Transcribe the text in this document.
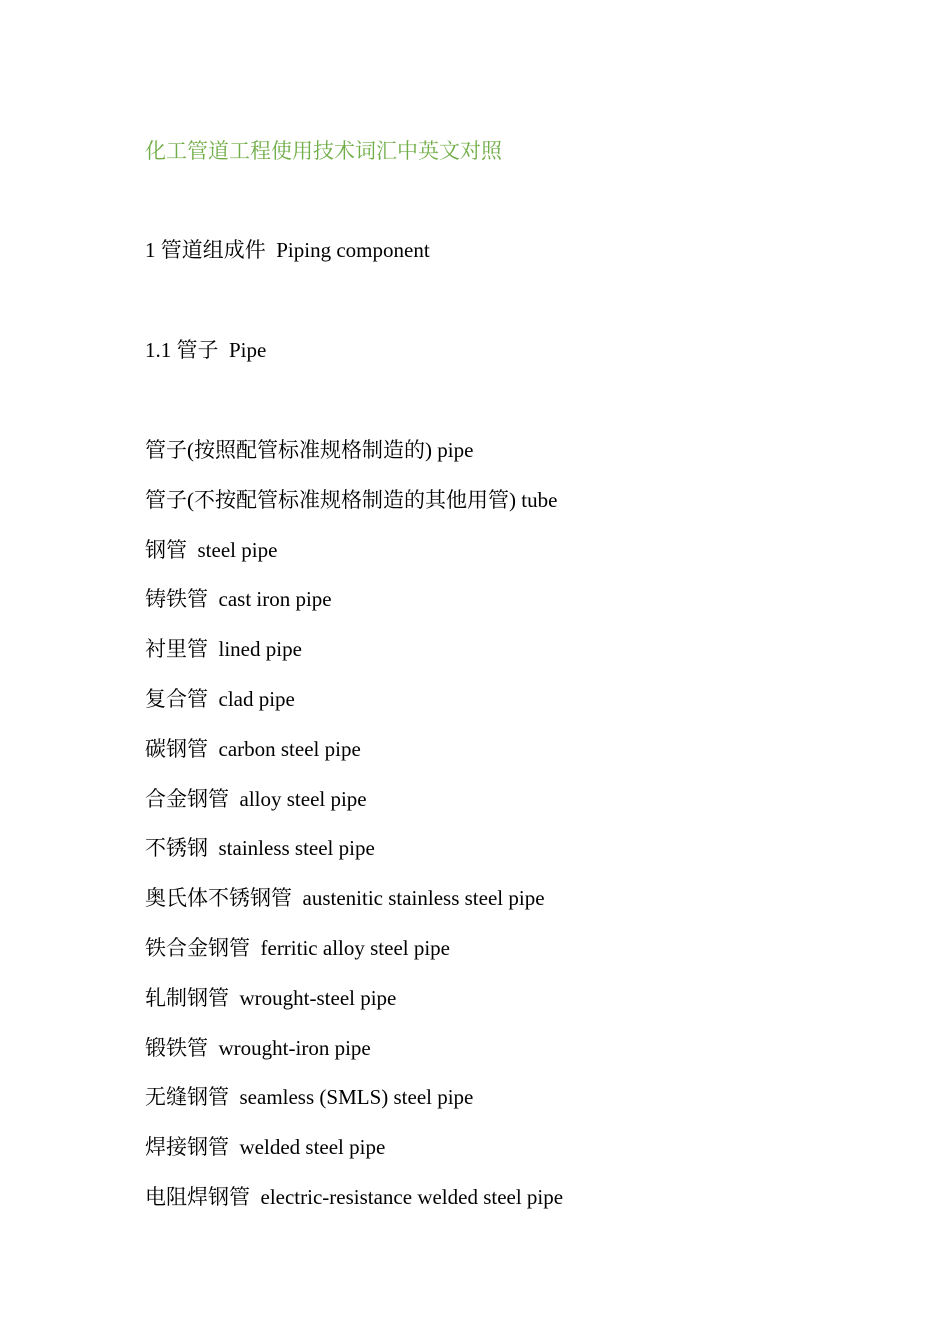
化工管道工程使用技术词汇中英文对照

1 管道组成件  Piping component

1.1 管子  Pipe

管子(按照配管标准规格制造的) pipe

管子(不按配管标准规格制造的其他用管) tube

钢管  steel pipe

铸铁管  cast iron pipe

衬里管  lined pipe

复合管  clad pipe

碳钢管  carbon steel pipe

合金钢管  alloy steel pipe

不锈钢  stainless steel pipe

奥氏体不锈钢管  austenitic stainless steel pipe

铁合金钢管  ferritic alloy steel pipe

轧制钢管  wrought-steel pipe

锻铁管  wrought-iron pipe

无缝钢管  seamless (SMLS) steel pipe

焊接钢管  welded steel pipe

电阻焊钢管  electric-resistance welded steel pipe
